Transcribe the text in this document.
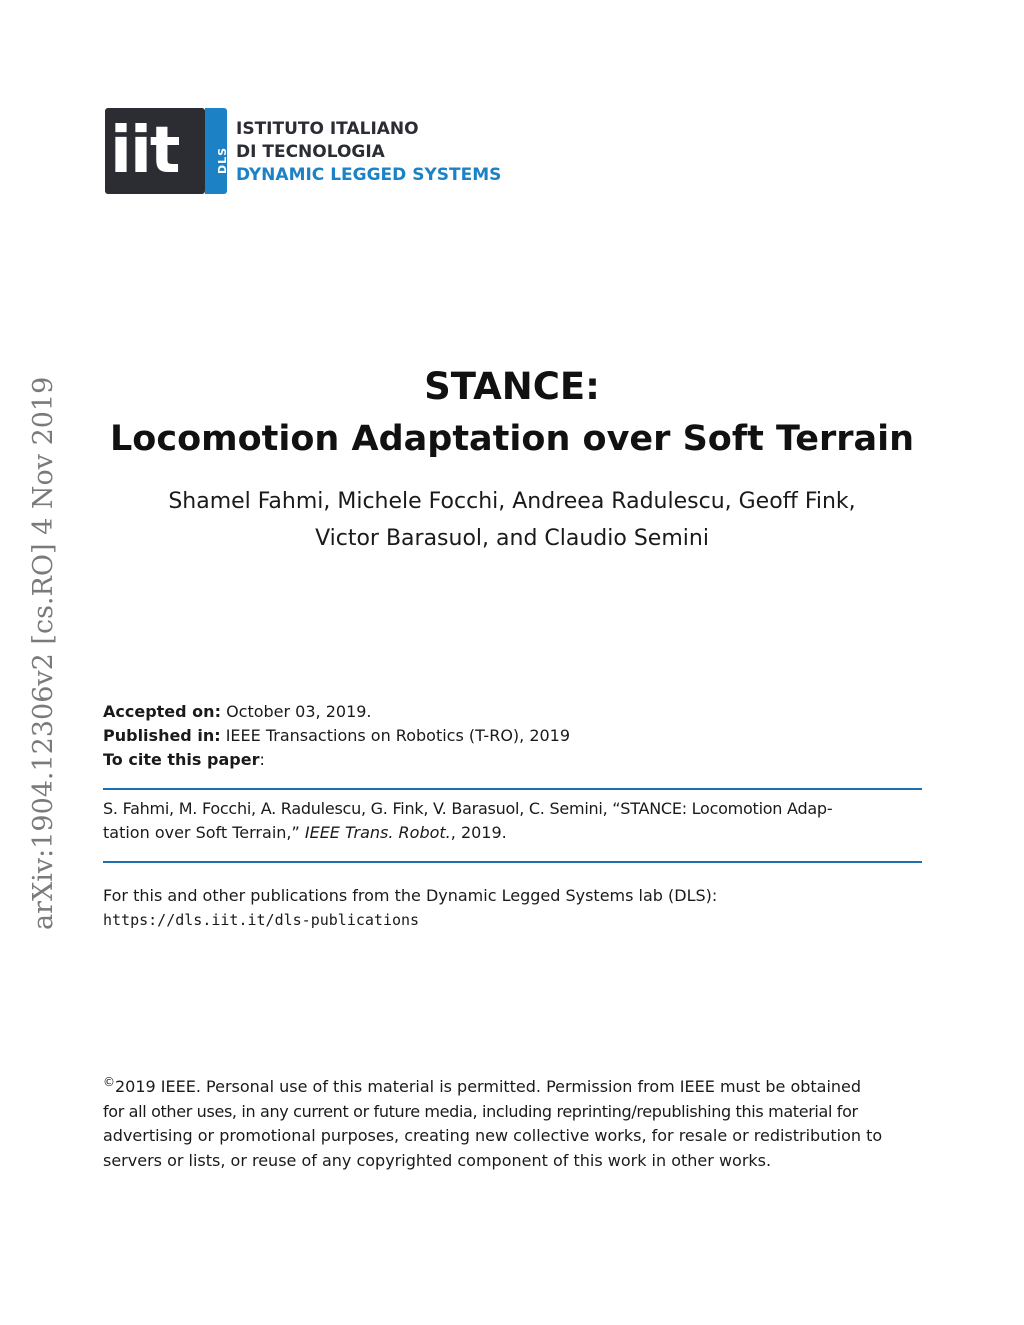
iit	DLS
ISTITUTO ITALIANO
DI TECNOLOGIA
DYNAMIC LEGGED SYSTEMS
arXiv:1904.12306v2 [cs.RO] 4 Nov 2019	STANCE:
Locomotion Adaptation over Soft Terrain
Shamel Fahmi, Michele Focchi, Andreea Radulescu, Geoff Fink,
Victor Barasuol, and Claudio Semini
Accepted on: October 03, 2019.
Published in: IEEE Transactions on Robotics (T-RO), 2019
To cite this paper:
S. Fahmi, M. Focchi, A. Radulescu, G. Fink, V. Barasuol, C. Semini, “STANCE: Locomotion Adap-
tation over Soft Terrain,” IEEE Trans. Robot., 2019.
For this and other publications from the Dynamic Legged Systems lab (DLS):
https://dls.iit.it/dls-publications
©2019 IEEE. Personal use of this material is permitted. Permission from IEEE must be obtained
for all other uses, in any current or future media, including reprinting/republishing this material for
advertising or promotional purposes, creating new collective works, for resale or redistribution to
servers or lists, or reuse of any copyrighted component of this work in other works.
